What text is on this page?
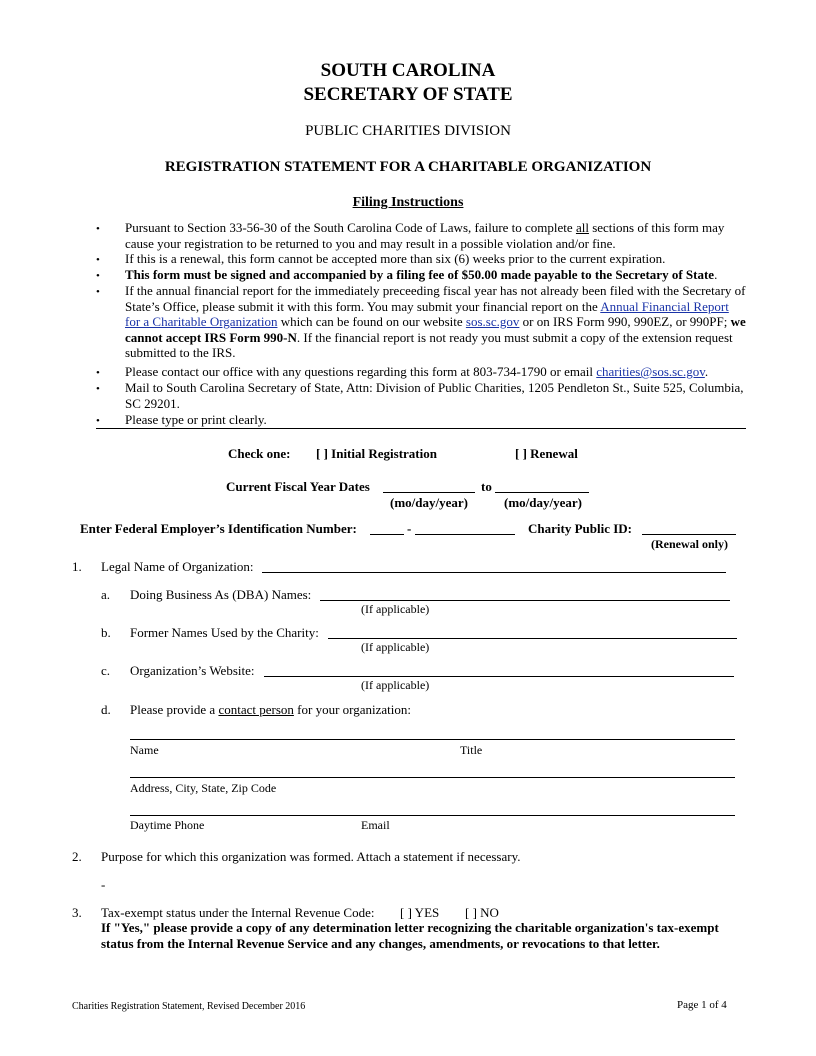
SOUTH CAROLINA
SECRETARY OF STATE
PUBLIC CHARITIES DIVISION
REGISTRATION STATEMENT FOR A CHARITABLE ORGANIZATION
Filing Instructions
• Pursuant to Section 33-56-30 of the South Carolina Code of Laws, failure to complete all sections of this form may cause your registration to be returned to you and may result in a possible violation and/or fine.
• If this is a renewal, this form cannot be accepted more than six (6) weeks prior to the current expiration.
• This form must be signed and accompanied by a filing fee of $50.00 made payable to the Secretary of State.
• If the annual financial report for the immediately preceeding fiscal year has not already been filed with the Secretary of State’s Office, please submit it with this form. You may submit your financial report on the Annual Financial Report for a Charitable Organization which can be found on our website sos.sc.gov or on IRS Form 990, 990EZ, or 990PF; we cannot accept IRS Form 990-N. If the financial report is not ready you must submit a copy of the extension request submitted to the IRS.
• Please contact our office with any questions regarding this form at 803-734-1790 or email charities@sos.sc.gov.
• Mail to South Carolina Secretary of State, Attn: Division of Public Charities, 1205 Pendleton St., Suite 525, Columbia, SC 29201.
• Please type or print clearly.
Check one: [ ] Initial Registration	[ ] Renewal
Current Fiscal Year Dates	to
(mo/day/year)	(mo/day/year)
Enter Federal Employer’s Identification Number:	-	Charity Public ID:
(Renewal only)
1. Legal Name of Organization:
a. Doing Business As (DBA) Names:
(If applicable)
b. Former Names Used by the Charity:
(If applicable)
c. Organization’s Website:
(If applicable)
d. Please provide a contact person for your organization:
Name	Title
Address, City, State, Zip Code
Daytime Phone	Email
2. Purpose for which this organization was formed. Attach a statement if necessary.
-
3. Tax-exempt status under the Internal Revenue Code: [ ] YES [ ] NO
If "Yes," please provide a copy of any determination letter recognizing the charitable organization's tax-exempt
status from the Internal Revenue Service and any changes, amendments, or revocations to that letter.
Charities Registration Statement, Revised December 2016	Page 1 of 4
